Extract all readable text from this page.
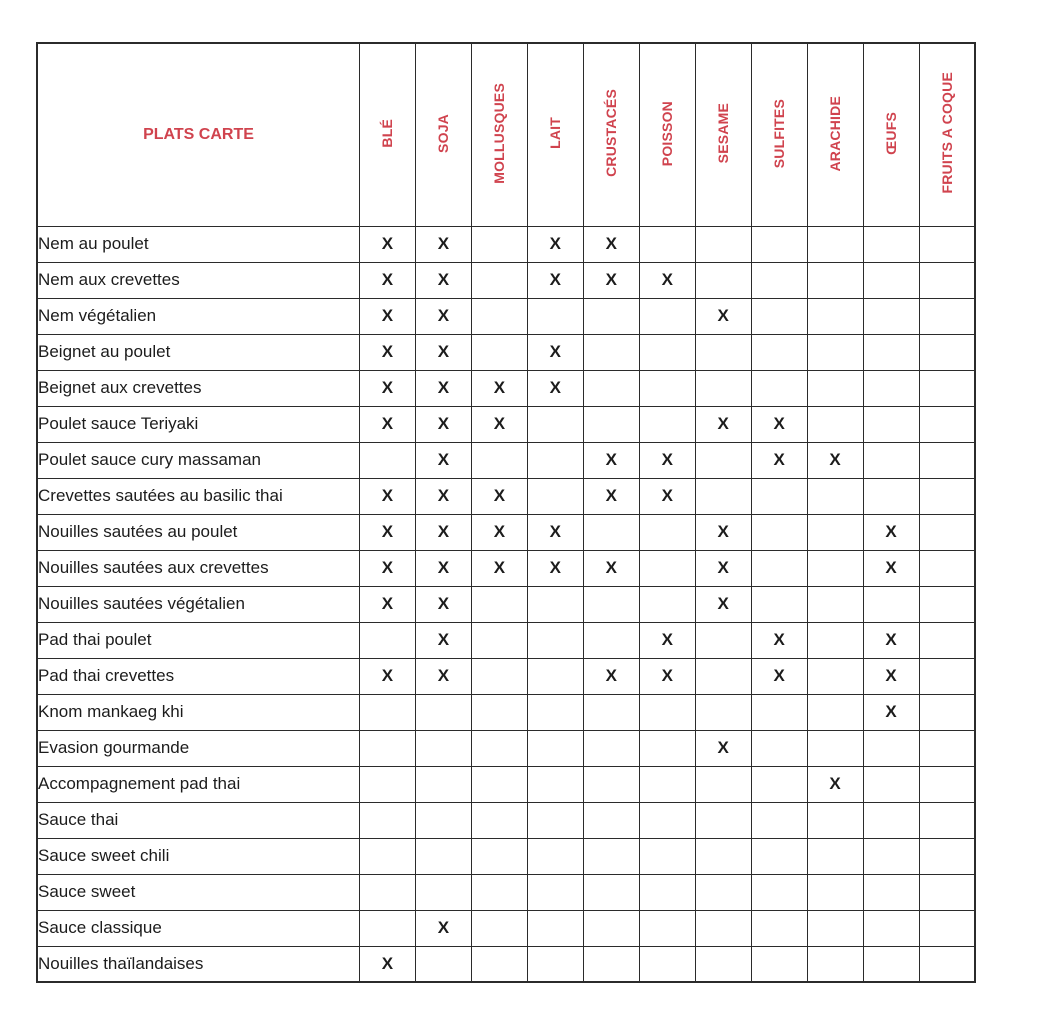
PLATS CARTE	BLÉ	SOJA	MOLLUSQUES	LAIT	CRUSTACÉS	POISSON	SESAME	SULFITES	ARACHIDE	ŒUFS	FRUITS A COQUE
Nem au poulet	X	X		X	X						
Nem aux crevettes	X	X		X	X	X					
Nem végétalien	X	X					X				
Beignet au poulet	X	X		X							
Beignet aux crevettes	X	X	X	X							
Poulet sauce Teriyaki	X	X	X				X	X			
Poulet sauce cury massaman		X			X	X		X	X		
Crevettes sautées au basilic thai	X	X	X		X	X					
Nouilles sautées au poulet	X	X	X	X			X			X	
Nouilles sautées aux crevettes	X	X	X	X	X		X			X	
Nouilles sautées végétalien	X	X					X				
Pad thai poulet		X				X		X		X	
Pad thai crevettes	X	X			X	X		X		X	
Knom mankaeg khi										X	
Evasion gourmande							X				
Accompagnement pad thai									X		
Sauce thai											
Sauce sweet chili											
Sauce sweet											
Sauce classique		X									
Nouilles thaïlandaises	X										
